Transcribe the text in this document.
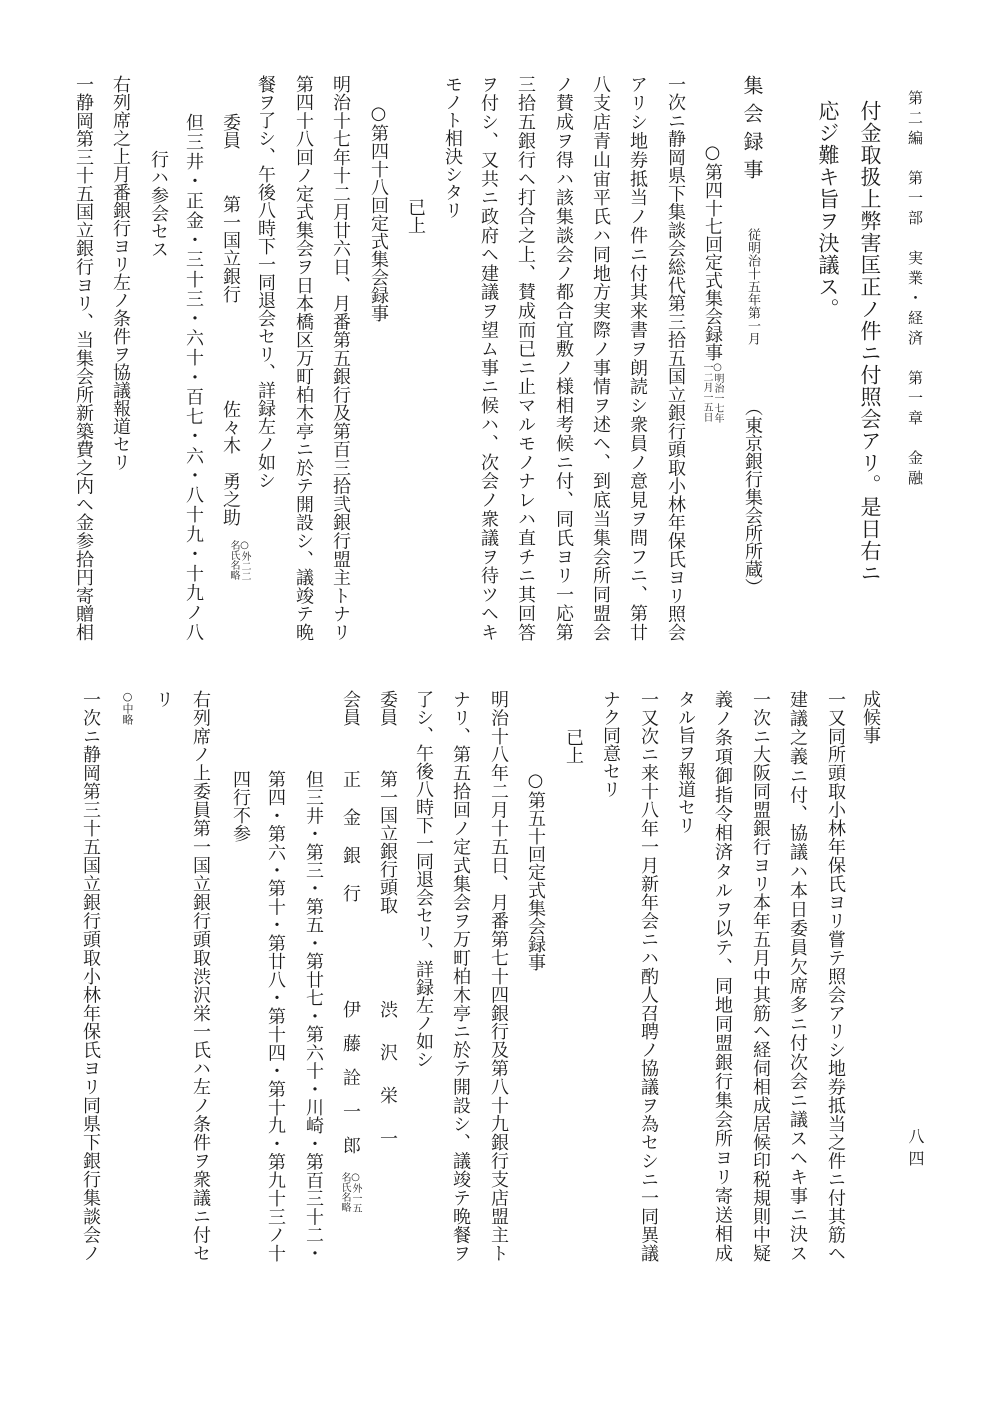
第二編　第一部　実業・経済　第一章　金融
付金取扱上弊害匡正ノ件ニ付照会アリ。是日右ニ
応ジ難キ旨ヲ決議ス。
集会録事
従明治十五年第一月
（東京銀行集会所所蔵）
○第四十七回定式集会録事
○明治一七年
一二月一五日
一次ニ静岡県下集談会総代第三拾五国立銀行頭取小林年保氏ヨリ照会
アリシ地券抵当ノ件ニ付其来書ヲ朗読シ衆員ノ意見ヲ問フニ、第廿
八支店青山宙平氏ハ同地方実際ノ事情ヲ述ヘ、到底当集会所同盟会
ノ賛成ヲ得ハ該集談会ノ都合宜敷ノ様相考候ニ付、同氏ヨリ一応第
三拾五銀行ヘ打合之上、賛成而已ニ止マルモノナレハ直チニ其回答
ヲ付シ、又共ニ政府ヘ建議ヲ望ム事ニ候ハ、次会ノ衆議ヲ待ツヘキ
モノト相決シタリ
已上
○第四十八回定式集会録事
明治十七年十二月廿六日、月番第五銀行及第百三拾弐銀行盟主トナリ
第四十八回ノ定式集会ヲ日本橋区万町柏木亭ニ於テ開設シ、議竣テ晩
餐ヲ了シ、午後八時下一同退会セリ、詳録左ノ如シ
委員
第一国立銀行
佐々木　勇之助
○外二二
名氏名略
但三井・正金・三十三・六十・百七・六・八十九・十九ノ八
行ハ参会セス
右列席之上月番銀行ヨリ左ノ条件ヲ協議報道セリ
一静岡第三十五国立銀行ヨリ、当集会所新築費之内ヘ金参拾円寄贈相
八四
成候事
一又同所頭取小林年保氏ヨリ嘗テ照会アリシ地券抵当之件ニ付其筋ヘ
建議之義ニ付、協議ハ本日委員欠席多ニ付次会ニ議スヘキ事ニ決ス
一次ニ大阪同盟銀行ヨリ本年五月中其筋ヘ経伺相成居候印税規則中疑
義ノ条項御指令相済タルヲ以テ、同地同盟銀行集会所ヨリ寄送相成
タル旨ヲ報道セリ
一又次ニ来十八年一月新年会ニハ酌人召聘ノ協議ヲ為セシニ一同異議
ナク同意セリ
已上
○第五十回定式集会録事
明治十八年二月十五日、月番第七十四銀行及第八十九銀行支店盟主ト
ナリ、第五拾回ノ定式集会ヲ万町柏木亭ニ於テ開設シ、議竣テ晩餐ヲ
了シ、午後八時下一同退会セリ、詳録左ノ如シ
委員
第一国立銀行頭取
渋沢栄一
会員
正金銀行
伊藤詮一郎
○外一五
名氏名略
但三井・第三・第五・第廿七・第六十・川崎・第百三十二・
第四・第六・第十・第廿八・第十四・第十九・第九十三ノ十
四行不参
右列席ノ上委員第一国立銀行頭取渋沢栄一氏ハ左ノ条件ヲ衆議ニ付セ
リ
○中略
一次ニ静岡第三十五国立銀行頭取小林年保氏ヨリ同県下銀行集談会ノ
